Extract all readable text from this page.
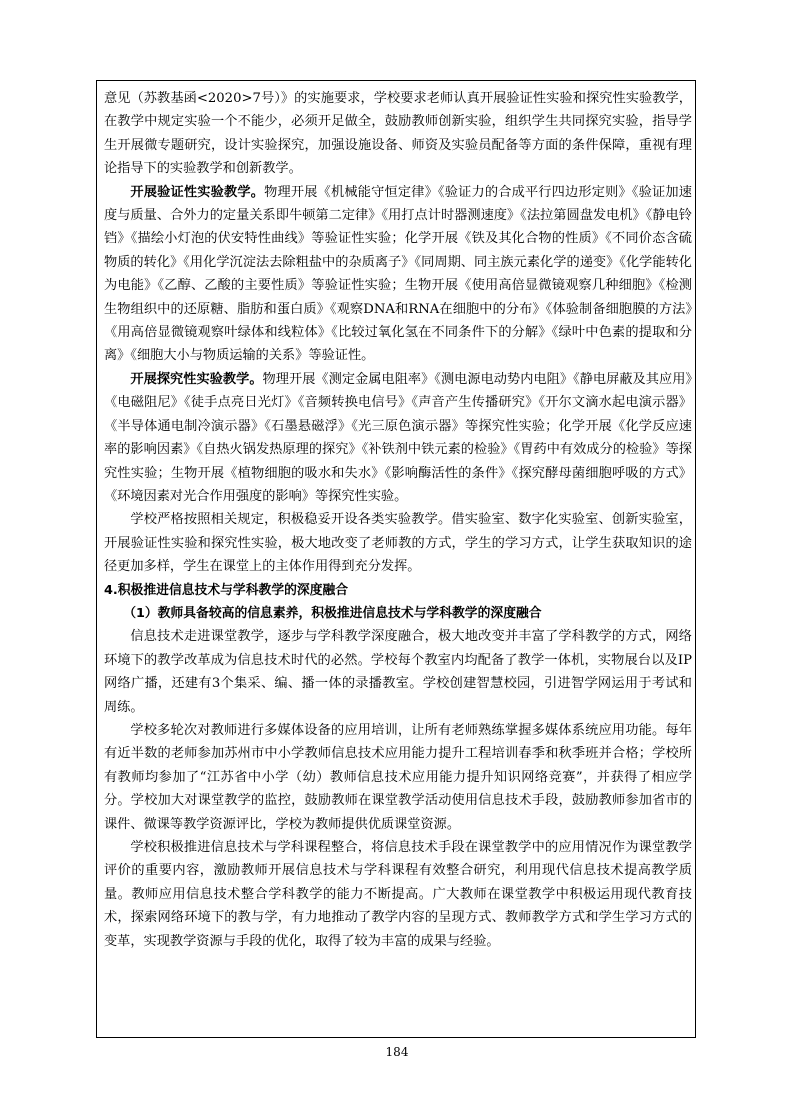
意见（苏教基函<2020>7号）》的实施要求，学校要求老师认真开展验证性实验和探究性实验教学，在教学中规定实验一个不能少，必须开足做全，鼓励教师创新实验，组织学生共同探究实验，指导学生开展微专题研究，设计实验探究，加强设施设备、师资及实验员配备等方面的条件保障，重视有理论指导下的实验教学和创新教学。

开展验证性实验教学。物理开展《机械能守恒定律》《验证力的合成平行四边形定则》《验证加速度与质量、合外力的定量关系即牛顿第二定律》《用打点计时器测速度》《法拉第圆盘发电机》《静电铃铛》《描绘小灯泡的伏安特性曲线》等验证性实验；化学开展《铁及其化合物的性质》《不同价态含硫物质的转化》《用化学沉淀法去除粗盐中的杂质离子》《同周期、同主族元素化学的递变》《化学能转化为电能》《乙醇、乙酸的主要性质》等验证性实验；生物开展《使用高倍显微镜观察几种细胞》《检测生物组织中的还原糖、脂肪和蛋白质》《观察DNA和RNA在细胞中的分布》《体验制备细胞膜的方法》《用高倍显微镜观察叶绿体和线粒体》《比较过氧化氢在不同条件下的分解》《绿叶中色素的提取和分离》《细胞大小与物质运输的关系》等验证性。

开展探究性实验教学。物理开展《测定金属电阻率》《测电源电动势内电阻》《静电屏蔽及其应用》《电磁阻尼》《徒手点亮日光灯》《音频转换电信号》《声音产生传播研究》《开尔文滴水起电演示器》《半导体通电制冷演示器》《石墨悬磁浮》《光三原色演示器》等探究性实验；化学开展《化学反应速率的影响因素》《自热火锅发热原理的探究》《补铁剂中铁元素的检验》《胃药中有效成分的检验》等探究性实验；生物开展《植物细胞的吸水和失水》《影响酶活性的条件》《探究酵母菌细胞呼吸的方式》《环境因素对光合作用强度的影响》等探究性实验。

学校严格按照相关规定，积极稳妥开设各类实验教学。借实验室、数字化实验室、创新实验室，开展验证性实验和探究性实验，极大地改变了老师教的方式，学生的学习方式，让学生获取知识的途径更加多样，学生在课堂上的主体作用得到充分发挥。

4.积极推进信息技术与学科教学的深度融合

（1）教师具备较高的信息素养，积极推进信息技术与学科教学的深度融合

信息技术走进课堂教学，逐步与学科教学深度融合，极大地改变并丰富了学科教学的方式，网络环境下的教学改革成为信息技术时代的必然。学校每个教室内均配备了教学一体机，实物展台以及IP网络广播，还建有3个集采、编、播一体的录播教室。学校创建智慧校园，引进智学网运用于考试和周练。

学校多轮次对教师进行多媒体设备的应用培训，让所有老师熟练掌握多媒体系统应用功能。每年有近半数的老师参加苏州市中小学教师信息技术应用能力提升工程培训春季和秋季班并合格；学校所有教师均参加了“江苏省中小学（幼）教师信息技术应用能力提升知识网络竞赛”，并获得了相应学分。学校加大对课堂教学的监控，鼓励教师在课堂教学活动使用信息技术手段，鼓励教师参加省市的课件、微课等教学资源评比，学校为教师提供优质课堂资源。

学校积极推进信息技术与学科课程整合，将信息技术手段在课堂教学中的应用情况作为课堂教学评价的重要内容，激励教师开展信息技术与学科课程有效整合研究，利用现代信息技术提高教学质量。教师应用信息技术整合学科教学的能力不断提高。广大教师在课堂教学中积极运用现代教育技术，探索网络环境下的教与学，有力地推动了教学内容的呈现方式、教师教学方式和学生学习方式的变革，实现教学资源与手段的优化，取得了较为丰富的成果与经验。

184
